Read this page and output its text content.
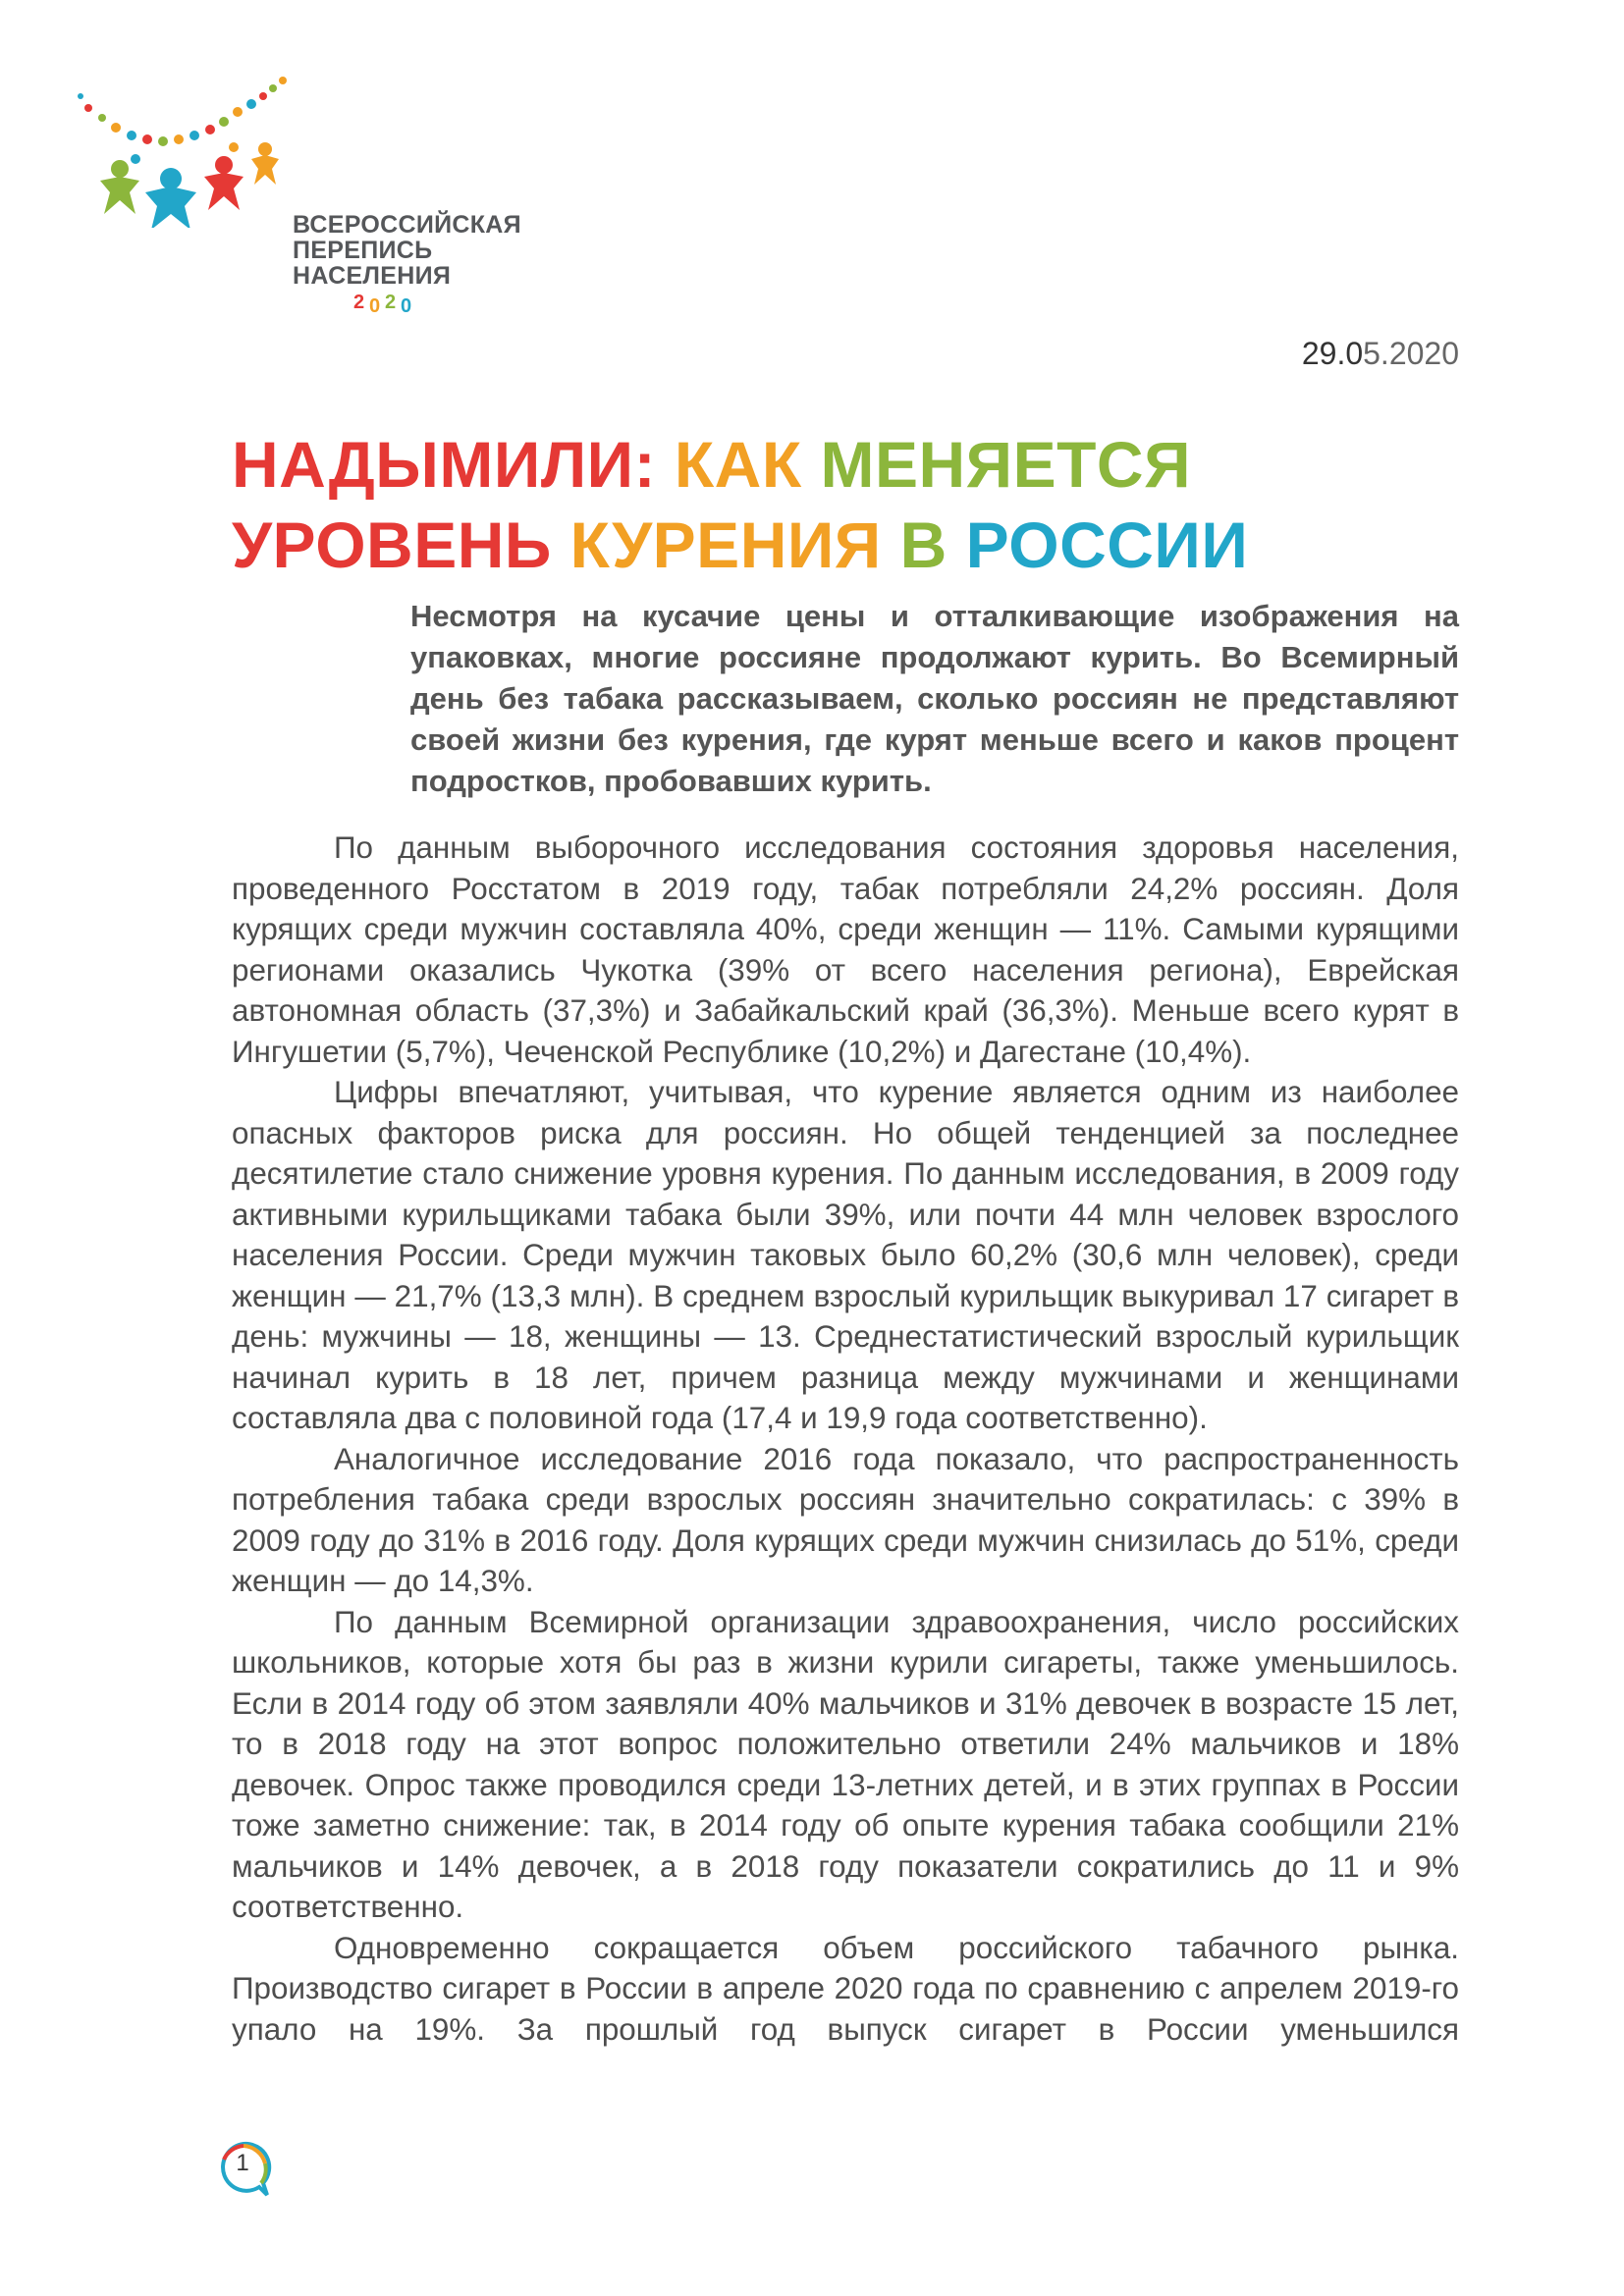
ВСЕРОССИЙСКАЯ
ПЕРЕПИСЬ
НАСЕЛЕНИЯ
2 0 2 0
29.05.2020
НАДЫМИЛИ: КАК МЕНЯЕТСЯ
УРОВЕНЬ КУРЕНИЯ В РОССИИ

Несмотря на кусачие цены и отталкивающие изображения на упаковках, многие россияне продолжают курить. Во Всемирный день без табака рассказываем, сколько россиян не представляют своей жизни без курения, где курят меньше всего и каков процент подростков, пробовавших курить.

По данным выборочного исследования состояния здоровья населения, проведенного Росстатом в 2019 году, табак потребляли 24,2% россиян. Доля курящих среди мужчин составляла 40%, среди женщин — 11%. Самыми курящими регионами оказались Чукотка (39% от всего населения региона), Еврейская автономная область (37,3%) и Забайкальский край (36,3%). Меньше всего курят в Ингушетии (5,7%), Чеченской Республике (10,2%) и Дагестане (10,4%).

Цифры впечатляют, учитывая, что курение является одним из наиболее опасных факторов риска для россиян. Но общей тенденцией за последнее десятилетие стало снижение уровня курения. По данным исследования, в 2009 году активными курильщиками табака были 39%, или почти 44 млн человек взрослого населения России. Среди мужчин таковых было 60,2% (30,6 млн человек), среди женщин — 21,7% (13,3 млн). В среднем взрослый курильщик выкуривал 17 сигарет в день: мужчины — 18, женщины — 13. Среднестатистический взрослый курильщик начинал курить в 18 лет, причем разница между мужчинами и женщинами составляла два с половиной года (17,4 и 19,9 года соответственно).

Аналогичное исследование 2016 года показало, что распространенность потребления табака среди взрослых россиян значительно сократилась: с 39% в 2009 году до 31% в 2016 году. Доля курящих среди мужчин снизилась до 51%, среди женщин — до 14,3%.

По данным Всемирной организации здравоохранения, число российских школьников, которые хотя бы раз в жизни курили сигареты, также уменьшилось. Если в 2014 году об этом заявляли 40% мальчиков и 31% девочек в возрасте 15 лет, то в 2018 году на этот вопрос положительно ответили 24% мальчиков и 18% девочек. Опрос также проводился среди 13-летних детей, и в этих группах в России тоже заметно снижение: так, в 2014 году об опыте курения табака сообщили 21% мальчиков и 14% девочек, а в 2018 году показатели сократились до 11 и 9% соответственно.

Одновременно сокращается объем российского табачного рынка. Производство сигарет в России в апреле 2020 года по сравнению с апрелем 2019-го упало на 19%. За прошлый год выпуск сигарет в России уменьшился

1
